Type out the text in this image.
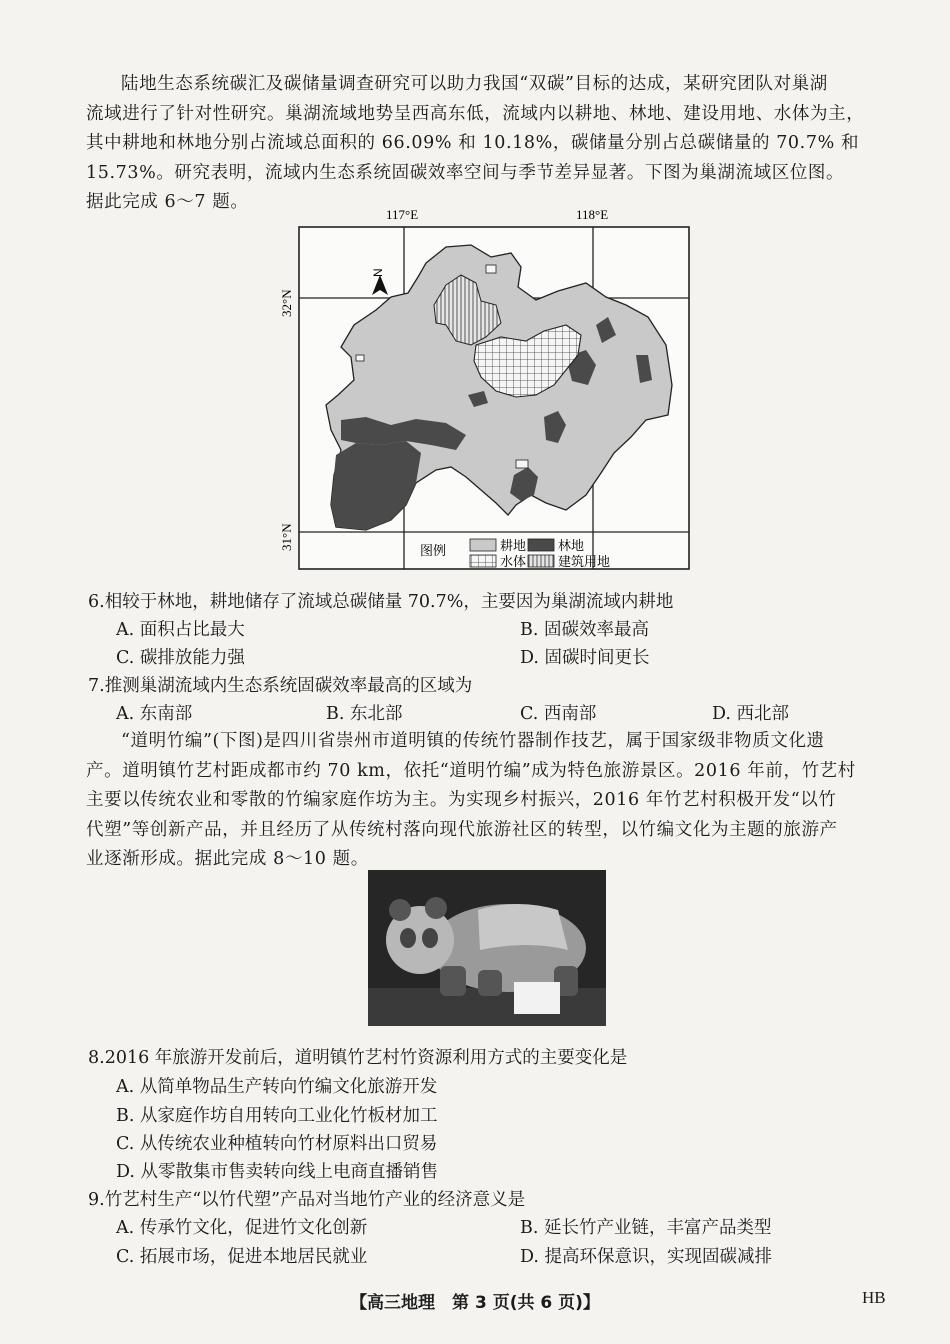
陆地生态系统碳汇及碳储量调查研究可以助力我国“双碳”目标的达成，某研究团队对巢湖
流域进行了针对性研究。巢湖流域地势呈西高东低，流域内以耕地、林地、建设用地、水体为主，
其中耕地和林地分别占流域总面积的 66.09% 和 10.18%，碳储量分别占总碳储量的 70.7% 和
15.73%。研究表明，流域内生态系统固碳效率空间与季节差异显著。下图为巢湖流域区位图。
据此完成 6～7 题。

117°E	118°E
32°N
31°N
N
图例	耕地 林地
水体 建筑用地

6.相较于林地，耕地储存了流域总碳储量 70.7%，主要因为巢湖流域内耕地

A. 面积占比最大	B. 固碳效率最高
C. 碳排放能力强	D. 固碳时间更长

7.推测巢湖流域内生态系统固碳效率最高的区域为

A. 东南部	B. 东北部	C. 西南部	D. 西北部

“道明竹编”(下图)是四川省崇州市道明镇的传统竹器制作技艺，属于国家级非物质文化遗
产。道明镇竹艺村距成都市约 70 km，依托“道明竹编”成为特色旅游景区。2016 年前，竹艺村
主要以传统农业和零散的竹编家庭作坊为主。为实现乡村振兴，2016 年竹艺村积极开发“以竹
代塑”等创新产品，并且经历了从传统村落向现代旅游社区的转型，以竹编文化为主题的旅游产
业逐渐形成。据此完成 8～10 题。

8.2016 年旅游开发前后，道明镇竹艺村竹资源利用方式的主要变化是

A. 从简单物品生产转向竹编文化旅游开发
B. 从家庭作坊自用转向工业化竹板材加工
C. 从传统农业种植转向竹材原料出口贸易
D. 从零散集市售卖转向线上电商直播销售

9.竹艺村生产“以竹代塑”产品对当地竹产业的经济意义是

A. 传承竹文化，促进竹文化创新	B. 延长竹产业链，丰富产品类型
C. 拓展市场，促进本地居民就业	D. 提高环保意识，实现固碳减排
【高三地理　第 3 页(共 6 页)】	HB
